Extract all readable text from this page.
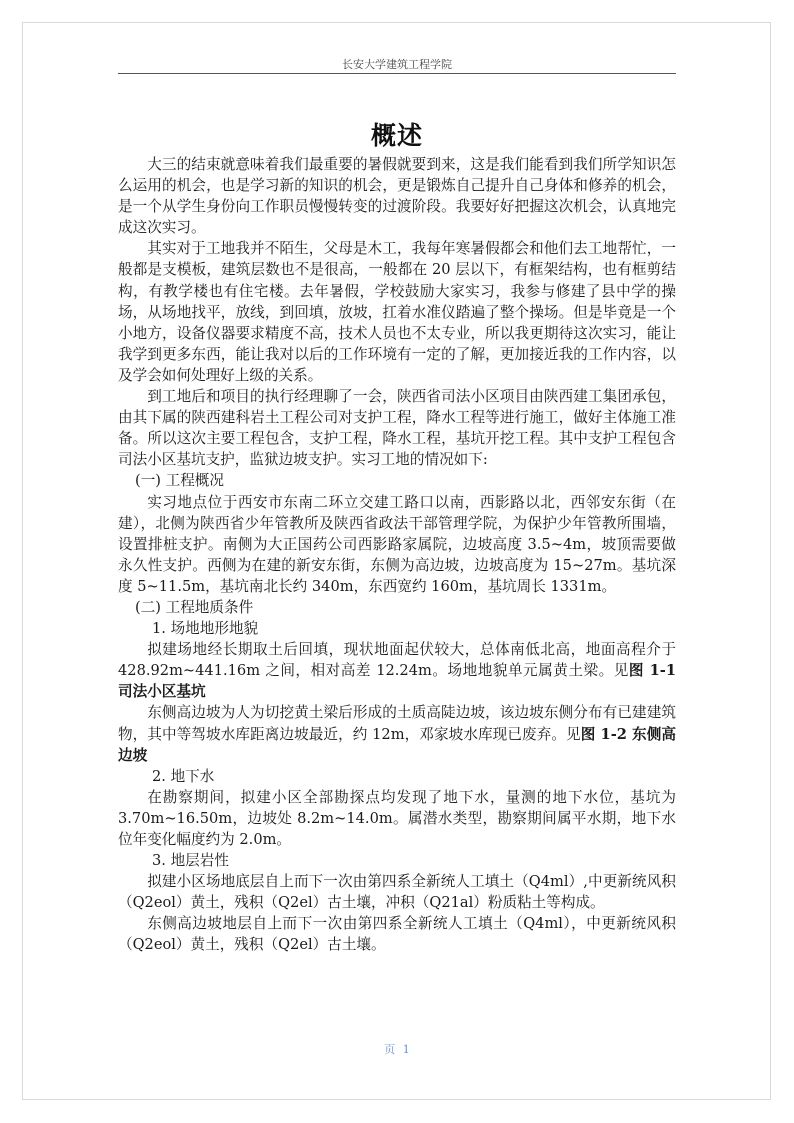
长安大学建筑工程学院
概述

大三的结束就意味着我们最重要的暑假就要到来，这是我们能看到我们所学知识怎么运用的机会，也是学习新的知识的机会，更是锻炼自己提升自己身体和修养的机会，是一个从学生身份向工作职员慢慢转变的过渡阶段。我要好好把握这次机会，认真地完成这次实习。

其实对于工地我并不陌生，父母是木工，我每年寒暑假都会和他们去工地帮忙，一般都是支模板，建筑层数也不是很高，一般都在 20 层以下，有框架结构，也有框剪结构，有教学楼也有住宅楼。去年暑假，学校鼓励大家实习，我参与修建了县中学的操场，从场地找平，放线，到回填，放坡，扛着水准仪踏遍了整个操场。但是毕竟是一个小地方，设备仪器要求精度不高，技术人员也不太专业，所以我更期待这次实习，能让我学到更多东西，能让我对以后的工作环境有一定的了解，更加接近我的工作内容，以及学会如何处理好上级的关系。

到工地后和项目的执行经理聊了一会，陕西省司法小区项目由陕西建工集团承包，由其下属的陕西建科岩土工程公司对支护工程，降水工程等进行施工，做好主体施工准备。所以这次主要工程包含，支护工程，降水工程，基坑开挖工程。其中支护工程包含司法小区基坑支护，监狱边坡支护。实习工地的情况如下:

(一) 工程概况

实习地点位于西安市东南二环立交建工路口以南，西影路以北，西邻安东街（在建），北侧为陕西省少年管教所及陕西省政法干部管理学院，为保护少年管教所围墙，设置排桩支护。南侧为大正国药公司西影路家属院，边坡高度 3.5~4m，坡顶需要做永久性支护。西侧为在建的新安东街，东侧为高边坡，边坡高度为 15~27m。基坑深度 5~11.5m，基坑南北长约 340m，东西宽约 160m，基坑周长 1331m。

(二) 工程地质条件

1. 场地地形地貌

拟建场地经长期取土后回填，现状地面起伏较大，总体南低北高，地面高程介于 428.92m~441.16m 之间，相对高差 12.24m。场地地貌单元属黄土梁。见图 1-1 司法小区基坑

东侧高边坡为人为切挖黄土梁后形成的土质高陡边坡，该边坡东侧分布有已建建筑物，其中等驾坡水库距离边坡最近，约 12m，邓家坡水库现已废弃。见图 1-2 东侧高边坡

2. 地下水

在勘察期间，拟建小区全部勘探点均发现了地下水，量测的地下水位，基坑为 3.70m~16.50m，边坡处 8.2m~14.0m。属潜水类型，勘察期间属平水期，地下水位年变化幅度约为 2.0m。

3. 地层岩性

拟建小区场地底层自上而下一次由第四系全新统人工填土（Q4ml）,中更新统风积（Q2eol）黄土，残积（Q2el）古土壤，冲积（Q21al）粉质粘土等构成。

东侧高边坡地层自上而下一次由第四系全新统人工填土（Q4ml），中更新统风积（Q2eol）黄土，残积（Q2el）古土壤。

页 1
